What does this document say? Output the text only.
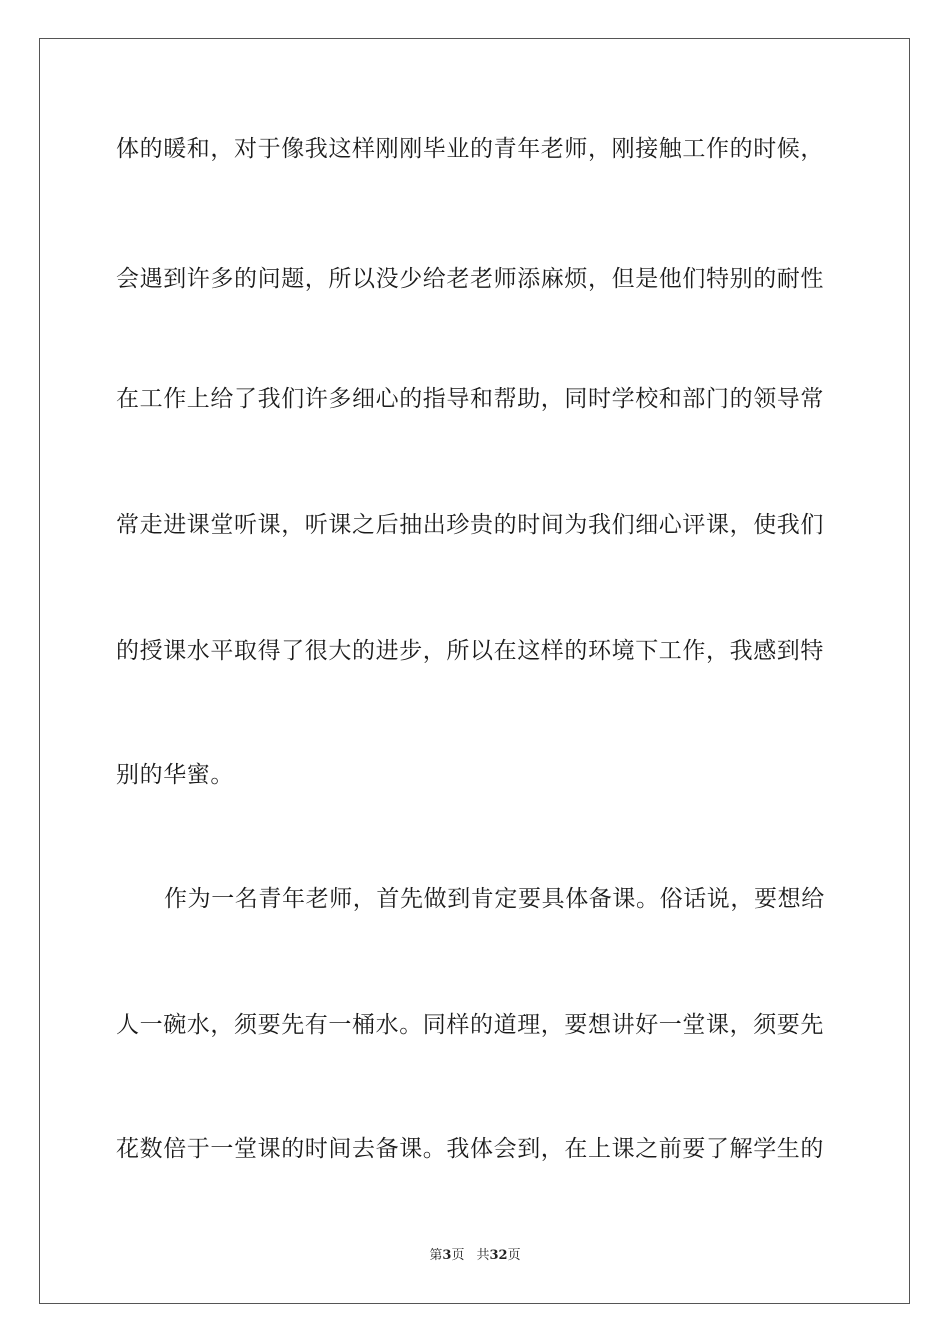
体的暖和，对于像我这样刚刚毕业的青年老师，刚接触工作的时候，
会遇到许多的问题，所以没少给老老师添麻烦，但是他们特别的耐性
在工作上给了我们许多细心的指导和帮助，同时学校和部门的领导常
常走进课堂听课，听课之后抽出珍贵的时间为我们细心评课，使我们
的授课水平取得了很大的进步，所以在这样的环境下工作，我感到特
别的华蜜。
作为一名青年老师，首先做到肯定要具体备课。俗话说，要想给
人一碗水，须要先有一桶水。同样的道理，要想讲好一堂课，须要先
花数倍于一堂课的时间去备课。我体会到，在上课之前要了解学生的
第3页 共32页
